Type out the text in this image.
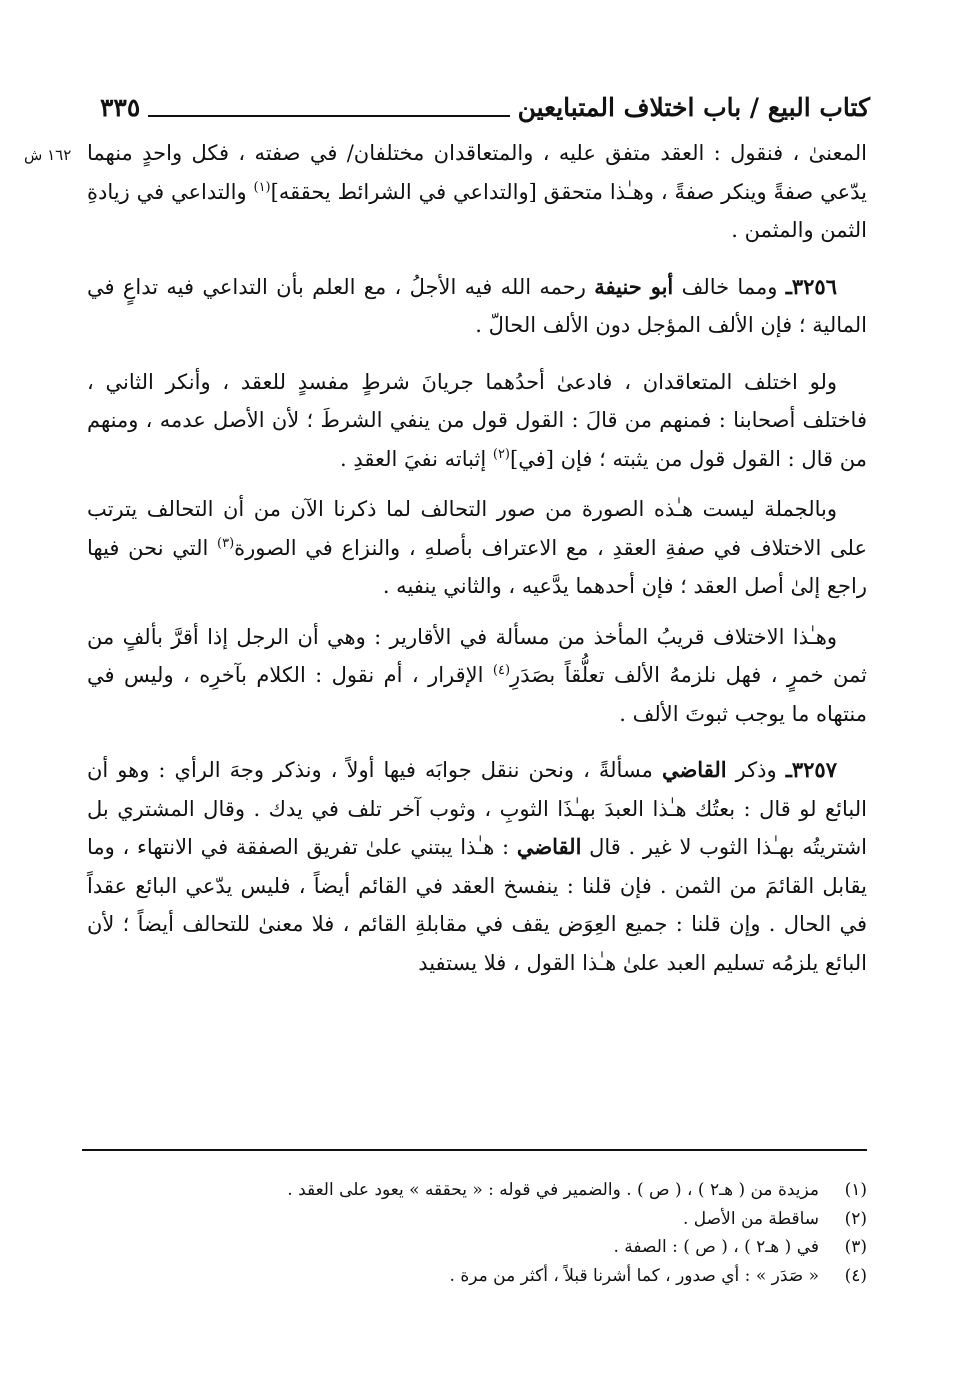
كتاب البيع / باب اختلاف المتبايعين
٣٣٥
١٦٢ ش المعنىٰ ، فنقول : العقد متفق عليه ، والمتعاقدان مختلفان/ في صفته ، فكل واحدٍ منهما يدّعي صفةً وينكر صفةً ، وهـٰذا متحقق [والتداعي في الشرائط يحققه]$^{(١)}$ والتداعي في زيادةِ الثمن والمثمن .

٣٢٥٦ـ ومما خالف أبو حنيفة رحمه الله فيه الأجلُ ، مع العلم بأن التداعي فيه تداعٍ في المالية ؛ فإن الألف المؤجل دون الألف الحالّ .

ولو اختلف المتعاقدان ، فادعىٰ أحدُهما جريانَ شرطٍ مفسدٍ للعقد ، وأنكر الثاني ، فاختلف أصحابنا : فمنهم من قالَ : القول قول من ينفي الشرطَ ؛ لأن الأصل عدمه ، ومنهم من قال : القول قول من يثبته ؛ فإن [في]$^{(٢)}$ إثباته نفيَ العقدِ .

وبالجملة ليست هـٰذه الصورة من صور التحالف لما ذكرنا الآن من أن التحالف يترتب على الاختلاف في صفةِ العقدِ ، مع الاعتراف بأصلهِ ، والنزاع في الصورة$^{(٣)}$ التي نحن فيها راجع إلىٰ أصل العقد ؛ فإن أحدهما يدَّعيه ، والثاني ينفيه .

وهـٰذا الاختلاف قريبُ المأخذ من مسألة في الأقارير : وهي أن الرجل إذا أقرَّ بألفٍ من ثمن خمرٍ ، فهل نلزمهُ الألف تعلُّقاً بصَدَرِ$^{(٤)}$ الإقرار ، أم نقول : الكلام بآخرِه ، وليس في منتهاه ما يوجب ثبوتَ الألف .

٣٢٥٧ـ وذكر القاضي مسألةً ، ونحن ننقل جوابَه فيها أولاً ، ونذكر وجهَ الرأي : وهو أن البائع لو قال : بعتُك هـٰذا العبدَ بهـٰذَا الثوبِ ، وثوب آخر تلف في يدك . وقال المشتري بل اشتريتُه بهـٰذا الثوب لا غير . قال القاضي : هـٰذا يبتني علىٰ تفريق الصفقة في الانتهاء ، وما يقابل القائمَ من الثمن . فإن قلنا : ينفسخ العقد في القائم أيضاً ، فليس يدّعي البائع عقداً في الحال . وإن قلنا : جميع العِوَض يقف في مقابلةِ القائم ، فلا معنىٰ للتحالف أيضاً ؛ لأن البائع يلزمُه تسليم العبد علىٰ هـٰذا القول ، فلا يستفيد

(١)
مزيدة من ( هـ٢ ) ، ( ص ) . والضمير في قوله : « يحققه » يعود على العقد .
(٢)
ساقطة من الأصل .
(٣)
في ( هـ٢ ) ، ( ص ) : الصفة .
(٤)
« صَدَر » : أي صدور ، كما أشرنا قبلاً ، أكثر من مرة .
